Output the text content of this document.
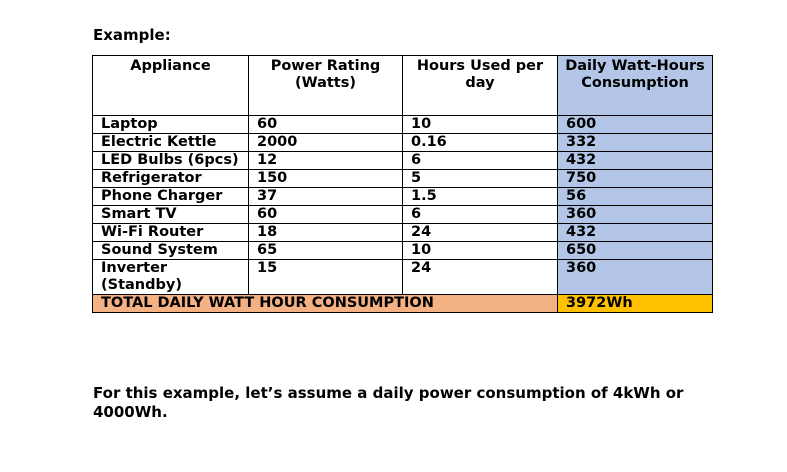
Example:
Appliance	Power Rating (Watts)	Hours Used per day	Daily Watt-Hours Consumption
Laptop	60	10	600
Electric Kettle	2000	0.16	332
LED Bulbs (6pcs)	12	6	432
Refrigerator	150	5	750
Phone Charger	37	1.5	56
Smart TV	60	6	360
Wi-Fi Router	18	24	432
Sound System	65	10	650
Inverter (Standby)	15	24	360
TOTAL DAILY WATT HOUR CONSUMPTION			3972Wh
For this example, let’s assume a daily power consumption of 4kWh or 4000Wh.
